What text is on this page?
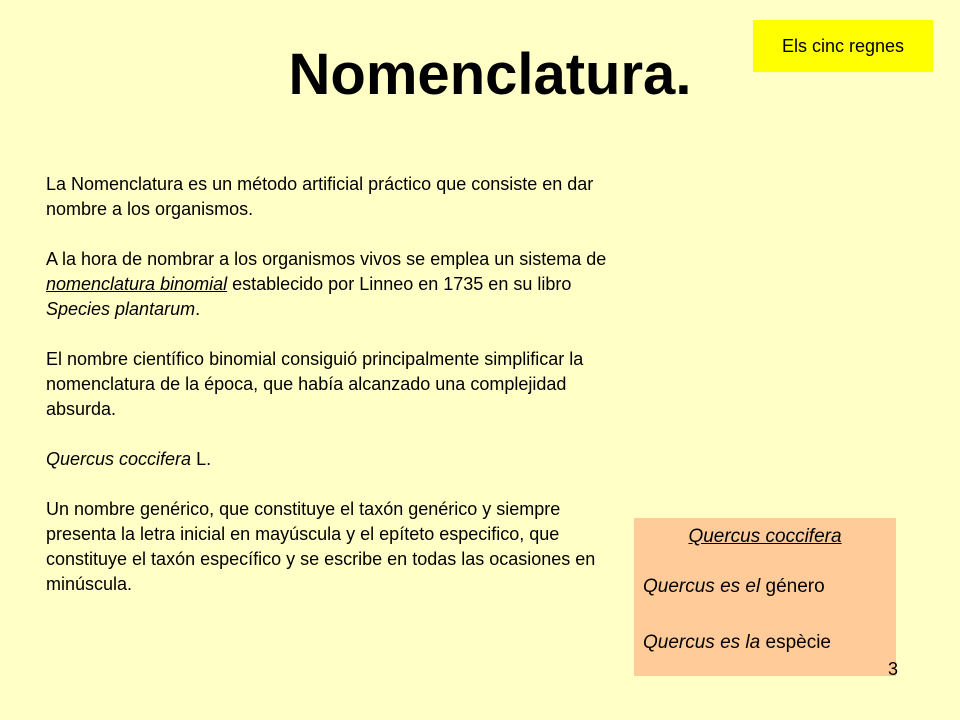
Nomenclatura.	Els cinc regnes

La Nomenclatura es un método artificial práctico que consiste en dar nombre a los organismos.

A la hora de nombrar a los organismos vivos se emplea un sistema de nomenclatura binomial establecido por Linneo en 1735 en su libro Species plantarum.

El nombre científico binomial consiguió principalmente simplificar la nomenclatura de la época, que había alcanzado una complejidad absurda.

Quercus coccifera L.

Un nombre genérico, que constituye el taxón genérico y siempre presenta la letra inicial en mayúscula y el epíteto especifico, que constituye el taxón específico y se escribe en todas las ocasiones en minúscula.

Quercus coccifera
Quercus es el género
Quercus es la espècie
3
